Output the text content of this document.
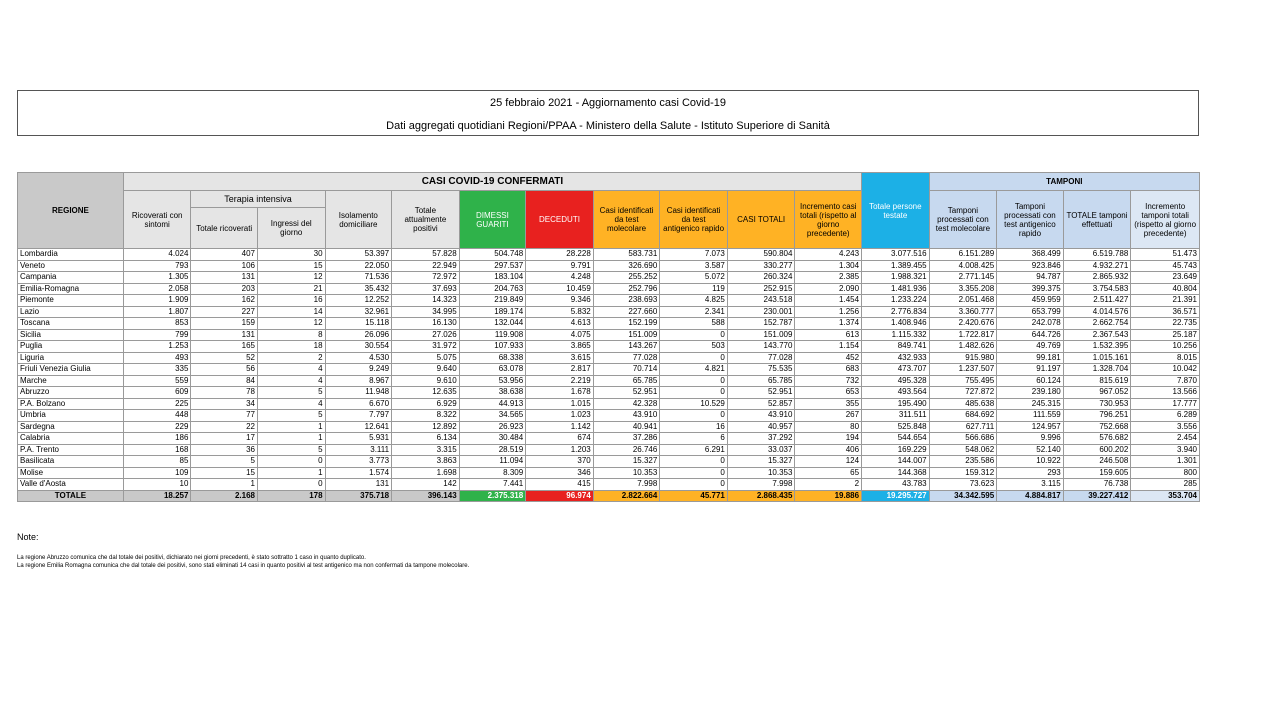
25 febbraio 2021 - Aggiornamento casi Covid-19
Dati aggregati quotidiani Regioni/PPAA - Ministero della Salute - Istituto Superiore di Sanità
REGIONE	CASI COVID-19 CONFERMATI											Totale persone testate	TAMPONI			
	Ricoverati con sintomi	Terapia intensiva		Isolamento domiciliare	Totale attualmente positivi	DIMESSI GUARITI	DECEDUTI	Casi identificati da test molecolare	Casi identificati da test antigenico rapido	CASI TOTALI	Incremento casi totali (rispetto al giorno precedente)		Tamponi processati con test molecolare	Tamponi processati con test antigenico rapido	TOTALE tamponi effettuati	Incremento tamponi totali (rispetto al giorno precedente)
		Totale ricoverati	Ingressi del giorno													
Lombardia	4.024	407	30	53.397	57.828	504.748	28.228	583.731	7.073	590.804	4.243	3.077.516	6.151.289	368.499	6.519.788	51.473
Veneto	793	106	15	22.050	22.949	297.537	9.791	326.690	3.587	330.277	1.304	1.389.455	4.008.425	923.846	4.932.271	45.743
Campania	1.305	131	12	71.536	72.972	183.104	4.248	255.252	5.072	260.324	2.385	1.988.321	2.771.145	94.787	2.865.932	23.649
Emilia-Romagna	2.058	203	21	35.432	37.693	204.763	10.459	252.796	119	252.915	2.090	1.481.936	3.355.208	399.375	3.754.583	40.804
Piemonte	1.909	162	16	12.252	14.323	219.849	9.346	238.693	4.825	243.518	1.454	1.233.224	2.051.468	459.959	2.511.427	21.391
Lazio	1.807	227	14	32.961	34.995	189.174	5.832	227.660	2.341	230.001	1.256	2.776.834	3.360.777	653.799	4.014.576	36.571
Toscana	853	159	12	15.118	16.130	132.044	4.613	152.199	588	152.787	1.374	1.408.946	2.420.676	242.078	2.662.754	22.735
Sicilia	799	131	8	26.096	27.026	119.908	4.075	151.009	0	151.009	613	1.115.332	1.722.817	644.726	2.367.543	25.187
Puglia	1.253	165	18	30.554	31.972	107.933	3.865	143.267	503	143.770	1.154	849.741	1.482.626	49.769	1.532.395	10.256
Liguria	493	52	2	4.530	5.075	68.338	3.615	77.028	0	77.028	452	432.933	915.980	99.181	1.015.161	8.015
Friuli Venezia Giulia	335	56	4	9.249	9.640	63.078	2.817	70.714	4.821	75.535	683	473.707	1.237.507	91.197	1.328.704	10.042
Marche	559	84	4	8.967	9.610	53.956	2.219	65.785	0	65.785	732	495.328	755.495	60.124	815.619	7.870
Abruzzo	609	78	5	11.948	12.635	38.638	1.678	52.951	0	52.951	653	493.564	727.872	239.180	967.052	13.566
P.A. Bolzano	225	34	4	6.670	6.929	44.913	1.015	42.328	10.529	52.857	355	195.490	485.638	245.315	730.953	17.777
Umbria	448	77	5	7.797	8.322	34.565	1.023	43.910	0	43.910	267	311.511	684.692	111.559	796.251	6.289
Sardegna	229	22	1	12.641	12.892	26.923	1.142	40.941	16	40.957	80	525.848	627.711	124.957	752.668	3.556
Calabria	186	17	1	5.931	6.134	30.484	674	37.286	6	37.292	194	544.654	566.686	9.996	576.682	2.454
P.A. Trento	168	36	5	3.111	3.315	28.519	1.203	26.746	6.291	33.037	406	169.229	548.062	52.140	600.202	3.940
Basilicata	85	5	0	3.773	3.863	11.094	370	15.327	0	15.327	124	144.007	235.586	10.922	246.508	1.301
Molise	109	15	1	1.574	1.698	8.309	346	10.353	0	10.353	65	144.368	159.312	293	159.605	800
Valle d'Aosta	10	1	0	131	142	7.441	415	7.998	0	7.998	2	43.783	73.623	3.115	76.738	285
TOTALE	18.257	2.168	178	375.718	396.143	2.375.318	96.974	2.822.664	45.771	2.868.435	19.886	19.295.727	34.342.595	4.884.817	39.227.412	353.704
Note:
La regione Abruzzo comunica che dal totale dei positivi, dichiarato nei giorni precedenti, è stato sottratto 1 caso in quanto duplicato.
La regione Emilia Romagna comunica che dal totale dei positivi, sono stati eliminati 14 casi in quanto positivi al test antigenico ma non confermati da tampone molecolare.
